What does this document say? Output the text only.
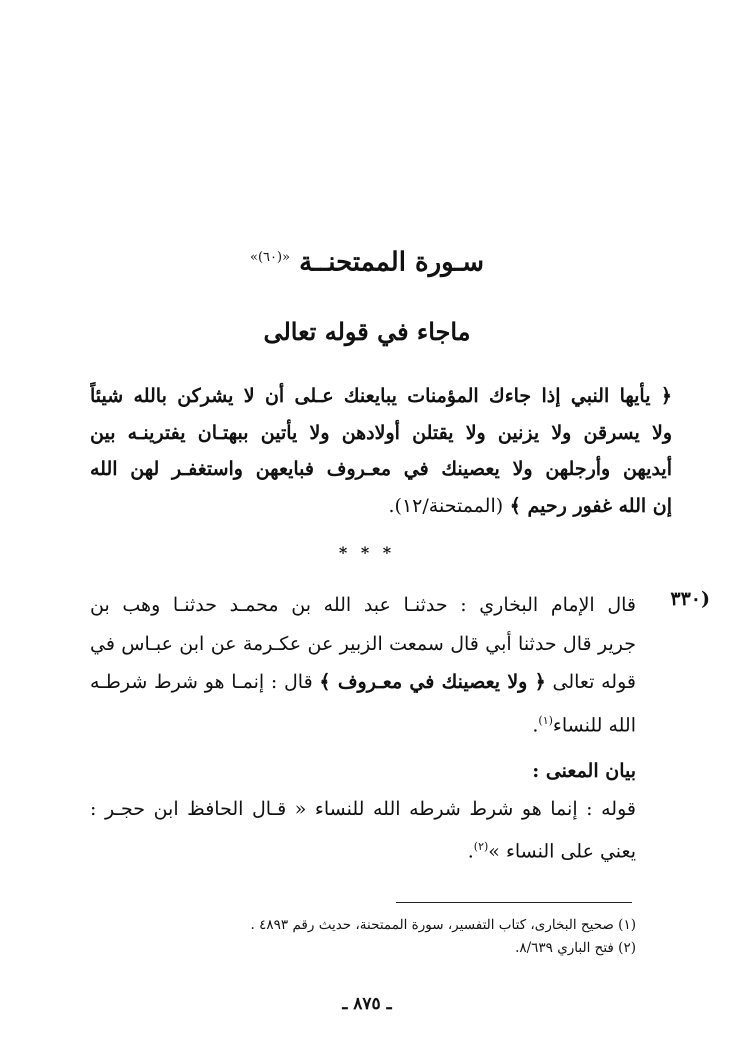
سـورة الممتحنــة $^{«(٦٠)»}$
ماجاء في قوله تعالى
﴿ يأيها النبي إذا جاءك المؤمنات يبايعنك عـلى أن لا يشركن بالله شيئاً
ولا يسرقن ولا يزنين ولا يقتلن أولادهن ولا يأتين ببهتـان يفترينـه بين
أيديهن وأرجلهن ولا يعصينك في معـروف فبايعهن واستغفـر لهن الله
إن الله غفور رحيم ﴾ (الممتحنة/١٢).
* * *
(٣٣٠
قال الإمام البخاري : حدثنـا عبد الله بن محمـد حدثنـا وهب بن
جرير قال حدثنا أبي قال سمعت الزبير عن عكـرمة عن ابن عبـاس في
قوله تعالى ﴿ ولا يعصينك في معـروف ﴾ قال : إنمـا هو شرط شرطـه
الله للنساء$^{(١)}$.
بيان المعنى :
قوله : إنما هو شرط شرطه الله للنساء « قـال الحافظ ابن حجـر :
يعني على النساء »$^{(٢)}$.
(١) صحيح البخارى، كتاب التفسير، سورة الممتحنة، حديث رقم ٤٨٩٣ .
(٢) فتح الباري ٨/٦٣٩.
ـ ٨٧٥ ـ
